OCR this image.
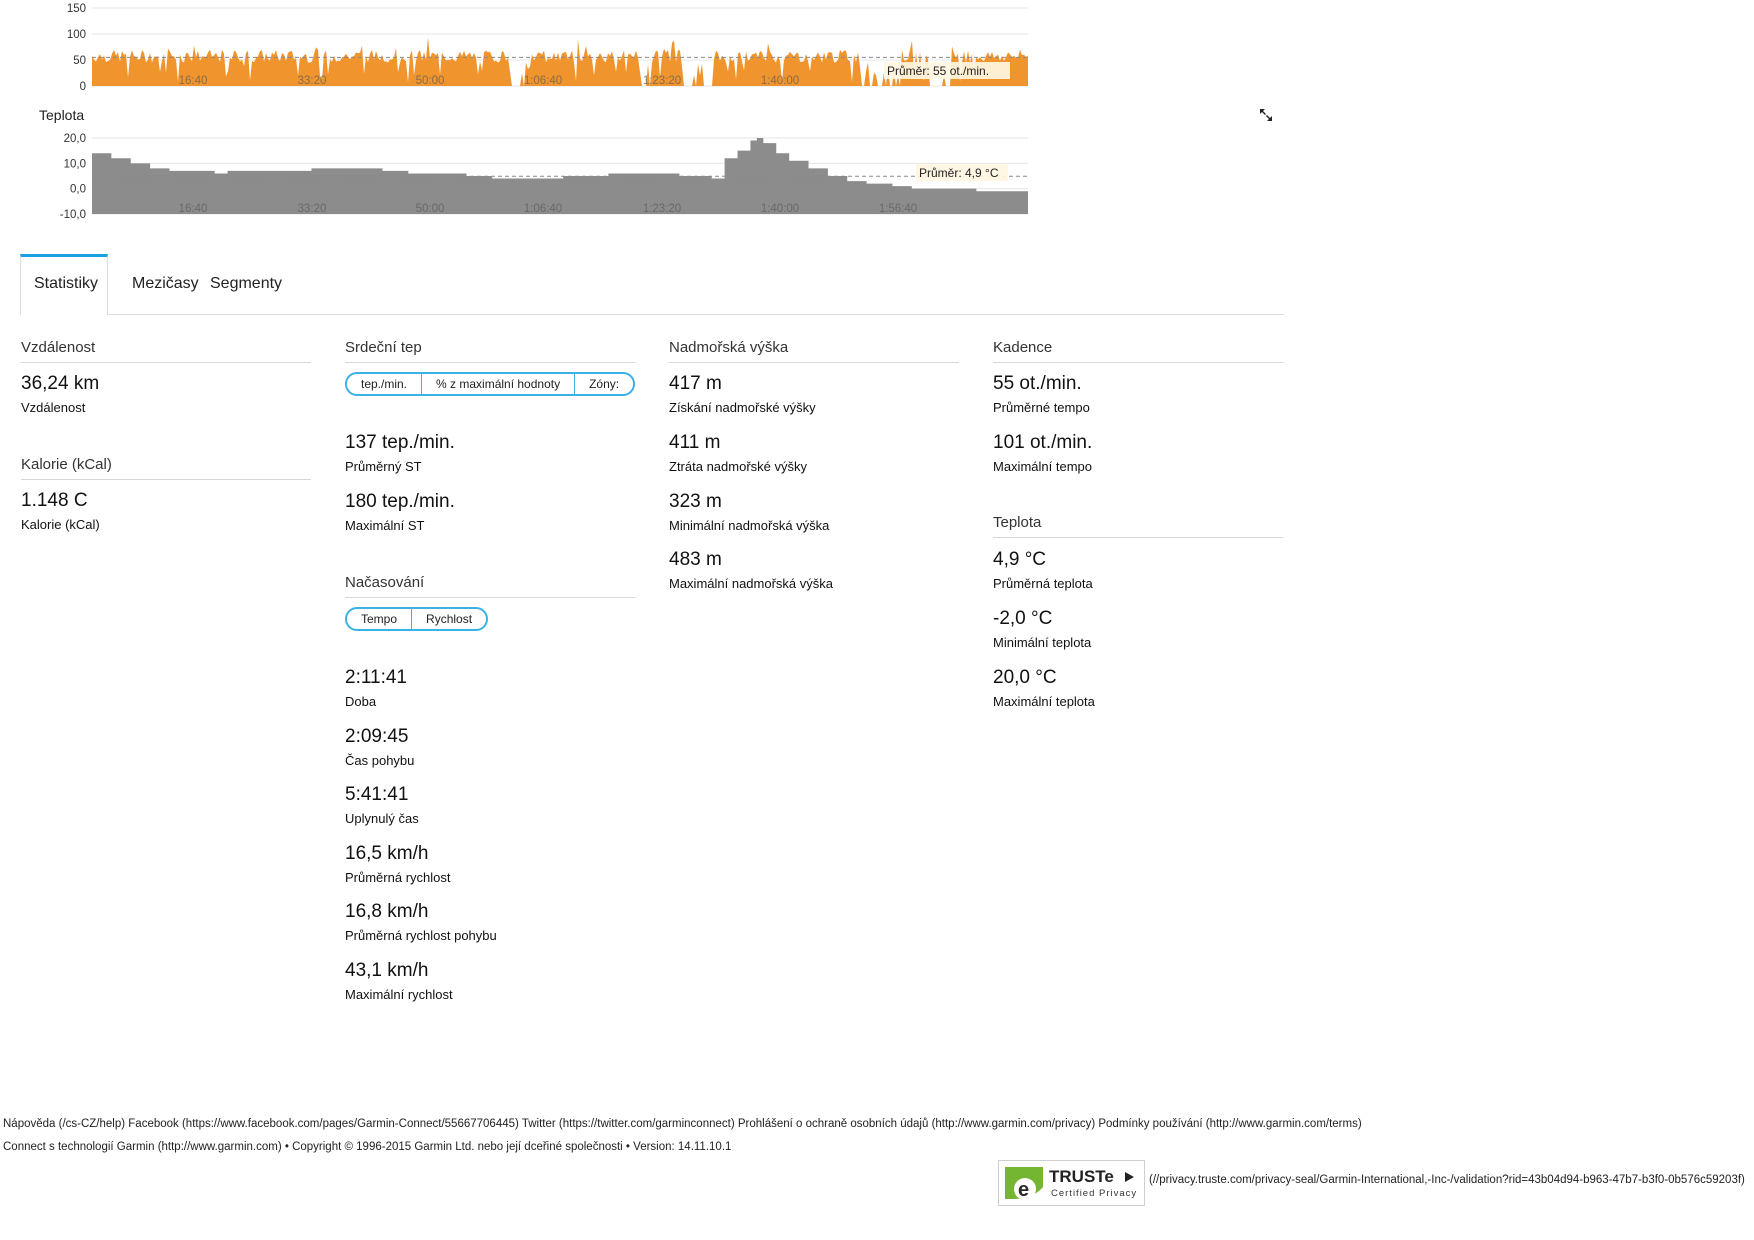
150
100
50
0	16:40	33:20	50:00	1:06:40	1:23:20	1:40:00
Průměr: 55 ot./min.
Teplota
20,0
10,0
0,0
-10,0	16:40	33:20	50:00	1:06:40	1:23:20	1:40:00	1:56:40
Průměr: 4,9 °C
Statistiky	Mezičasy Segmenty
Vzdálenost
36,24 km
Vzdálenost
Kalorie (kCal)
1.148 C
Kalorie (kCal)
Srdeční tep
tep./min.	% z maximální hodnoty	Zóny:
137 tep./min.
Průměrný ST
180 tep./min.
Maximální ST
Načasování
Tempo	Rychlost
2:11:41
Doba
2:09:45
Čas pohybu
5:41:41
Uplynulý čas
16,5 km/h
Průměrná rychlost
16,8 km/h
Průměrná rychlost pohybu
43,1 km/h
Maximální rychlost
Nadmořská výška
417 m
Získání nadmořské výšky
411 m
Ztráta nadmořské výšky
323 m
Minimální nadmořská výška
483 m
Maximální nadmořská výška
Kadence
55 ot./min.
Průměrné tempo
101 ot./min.
Maximální tempo
Teplota
4,9 °C
Průměrná teplota
-2,0 °C
Minimální teplota
20,0 °C
Maximální teplota
Nápověda (/cs-CZ/help) Facebook (https://www.facebook.com/pages/Garmin-Connect/55667706445) Twitter (https://twitter.com/garminconnect) Prohlášení o ochraně osobních údajů (http://www.garmin.com/privacy) Podmínky používání (http://www.garmin.com/terms)
Connect s technologií Garmin (http://www.garmin.com) • Copyright © 1996-2015 Garmin Ltd. nebo její dceřiné společnosti • Version: 14.11.10.1
e
TRUSTe
Certified Privacy
(//privacy.truste.com/privacy-seal/Garmin-International,-Inc-/validation?rid=43b04d94-b963-47b7-b3f0-0b576c59203f)
